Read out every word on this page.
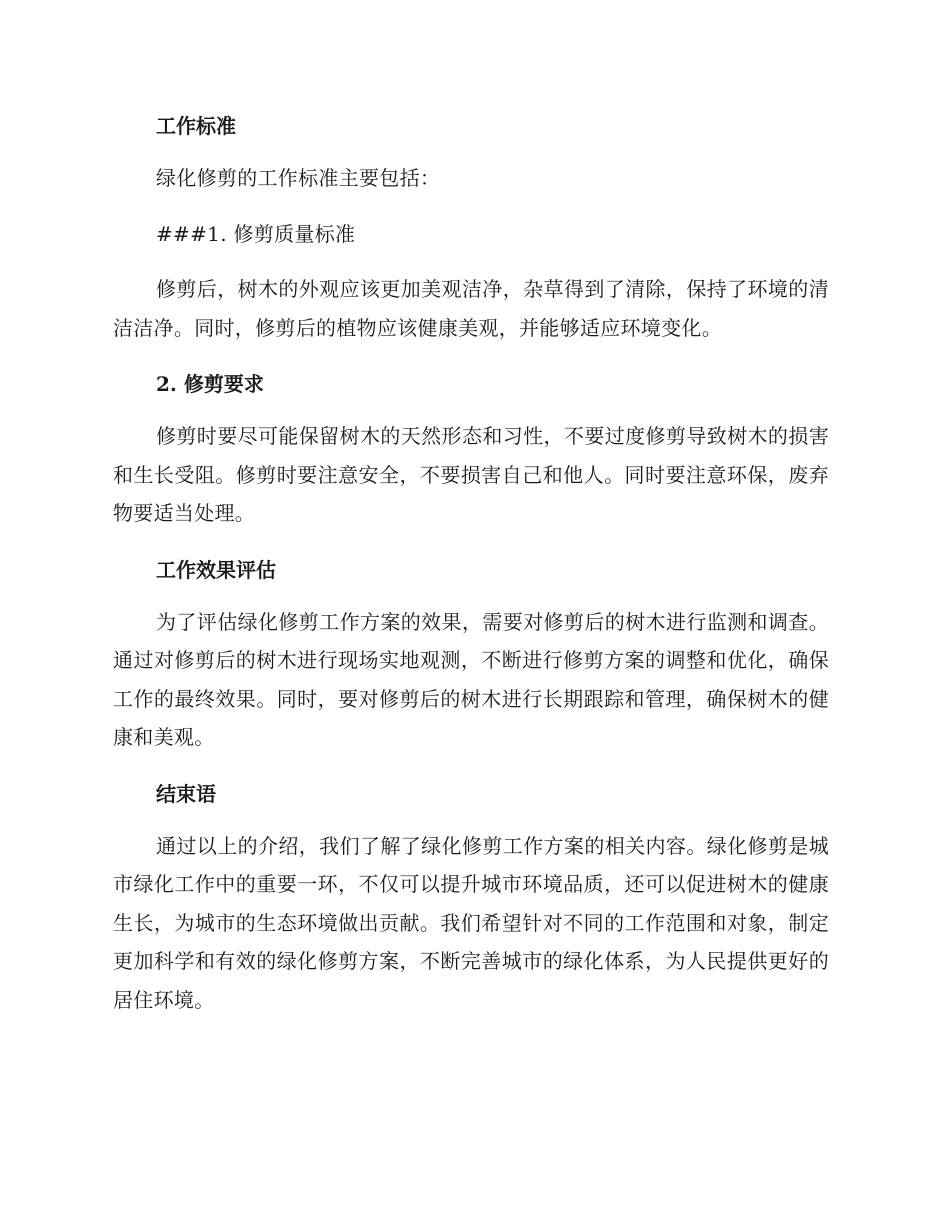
工作标准
绿化修剪的工作标准主要包括：
###1. 修剪质量标准
修剪后，树木的外观应该更加美观洁净，杂草得到了清除，保持了环境的清洁洁净。同时，修剪后的植物应该健康美观，并能够适应环境变化。
2. 修剪要求
修剪时要尽可能保留树木的天然形态和习性，不要过度修剪导致树木的损害和生长受阻。修剪时要注意安全，不要损害自己和他人。同时要注意环保，废弃物要适当处理。
工作效果评估
为了评估绿化修剪工作方案的效果，需要对修剪后的树木进行监测和调查。通过对修剪后的树木进行现场实地观测，不断进行修剪方案的调整和优化，确保工作的最终效果。同时，要对修剪后的树木进行长期跟踪和管理，确保树木的健康和美观。
结束语
通过以上的介绍，我们了解了绿化修剪工作方案的相关内容。绿化修剪是城市绿化工作中的重要一环，不仅可以提升城市环境品质，还可以促进树木的健康生长，为城市的生态环境做出贡献。我们希望针对不同的工作范围和对象，制定更加科学和有效的绿化修剪方案，不断完善城市的绿化体系，为人民提供更好的居住环境。
